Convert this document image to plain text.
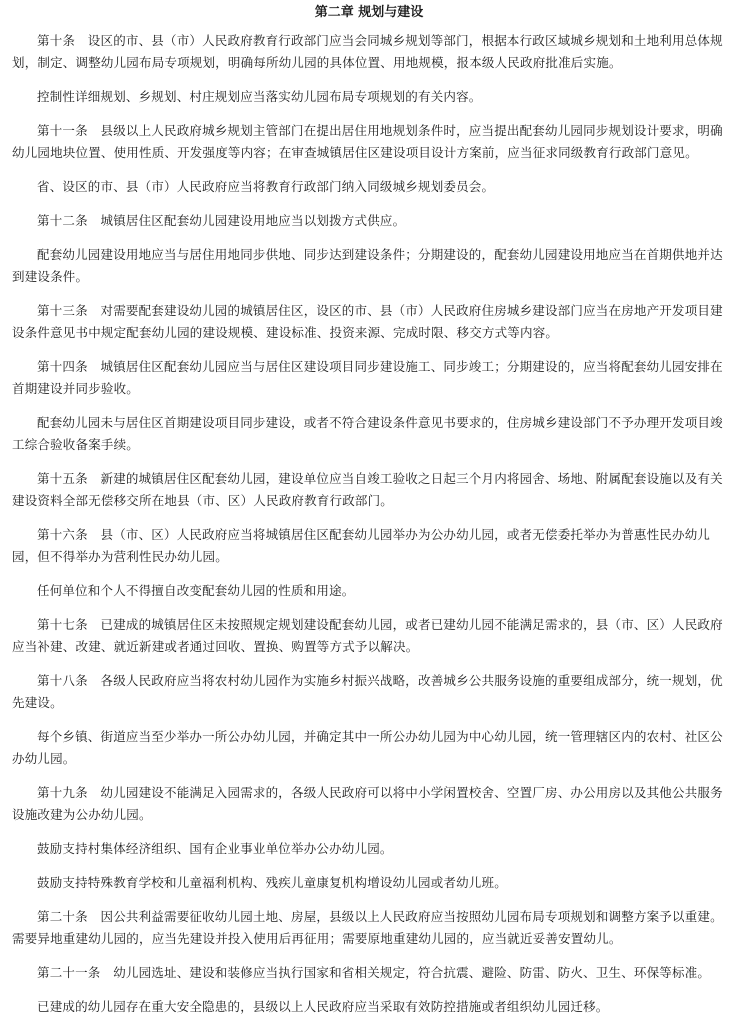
第二章 规划与建设

第十条　设区的市、县（市）人民政府教育行政部门应当会同城乡规划等部门，根据本行政区域城乡规划和土地利用总体规划，制定、调整幼儿园布局专项规划，明确每所幼儿园的具体位置、用地规模，报本级人民政府批准后实施。

控制性详细规划、乡规划、村庄规划应当落实幼儿园布局专项规划的有关内容。

第十一条　县级以上人民政府城乡规划主管部门在提出居住用地规划条件时，应当提出配套幼儿园同步规划设计要求，明确幼儿园地块位置、使用性质、开发强度等内容；在审查城镇居住区建设项目设计方案前，应当征求同级教育行政部门意见。

省、设区的市、县（市）人民政府应当将教育行政部门纳入同级城乡规划委员会。

第十二条　城镇居住区配套幼儿园建设用地应当以划拨方式供应。

配套幼儿园建设用地应当与居住用地同步供地、同步达到建设条件；分期建设的，配套幼儿园建设用地应当在首期供地并达到建设条件。

第十三条　对需要配套建设幼儿园的城镇居住区，设区的市、县（市）人民政府住房城乡建设部门应当在房地产开发项目建设条件意见书中规定配套幼儿园的建设规模、建设标准、投资来源、完成时限、移交方式等内容。

第十四条　城镇居住区配套幼儿园应当与居住区建设项目同步建设施工、同步竣工；分期建设的，应当将配套幼儿园安排在首期建设并同步验收。

配套幼儿园未与居住区首期建设项目同步建设，或者不符合建设条件意见书要求的，住房城乡建设部门不予办理开发项目竣工综合验收备案手续。

第十五条　新建的城镇居住区配套幼儿园，建设单位应当自竣工验收之日起三个月内将园舍、场地、附属配套设施以及有关建设资料全部无偿移交所在地县（市、区）人民政府教育行政部门。

第十六条　县（市、区）人民政府应当将城镇居住区配套幼儿园举办为公办幼儿园，或者无偿委托举办为普惠性民办幼儿园，但不得举办为营利性民办幼儿园。

任何单位和个人不得擅自改变配套幼儿园的性质和用途。

第十七条　已建成的城镇居住区未按照规定规划建设配套幼儿园，或者已建幼儿园不能满足需求的，县（市、区）人民政府应当补建、改建、就近新建或者通过回收、置换、购置等方式予以解决。

第十八条　各级人民政府应当将农村幼儿园作为实施乡村振兴战略，改善城乡公共服务设施的重要组成部分，统一规划，优先建设。

每个乡镇、街道应当至少举办一所公办幼儿园，并确定其中一所公办幼儿园为中心幼儿园，统一管理辖区内的农村、社区公办幼儿园。

第十九条　幼儿园建设不能满足入园需求的，各级人民政府可以将中小学闲置校舍、空置厂房、办公用房以及其他公共服务设施改建为公办幼儿园。

鼓励支持村集体经济组织、国有企业事业单位举办公办幼儿园。

鼓励支持特殊教育学校和儿童福利机构、残疾儿童康复机构增设幼儿园或者幼儿班。

第二十条　因公共利益需要征收幼儿园土地、房屋，县级以上人民政府应当按照幼儿园布局专项规划和调整方案予以重建。需要异地重建幼儿园的，应当先建设并投入使用后再征用；需要原地重建幼儿园的，应当就近妥善安置幼儿。

第二十一条　幼儿园选址、建设和装修应当执行国家和省相关规定，符合抗震、避险、防雷、防火、卫生、环保等标准。

已建成的幼儿园存在重大安全隐患的，县级以上人民政府应当采取有效防控措施或者组织幼儿园迁移。
